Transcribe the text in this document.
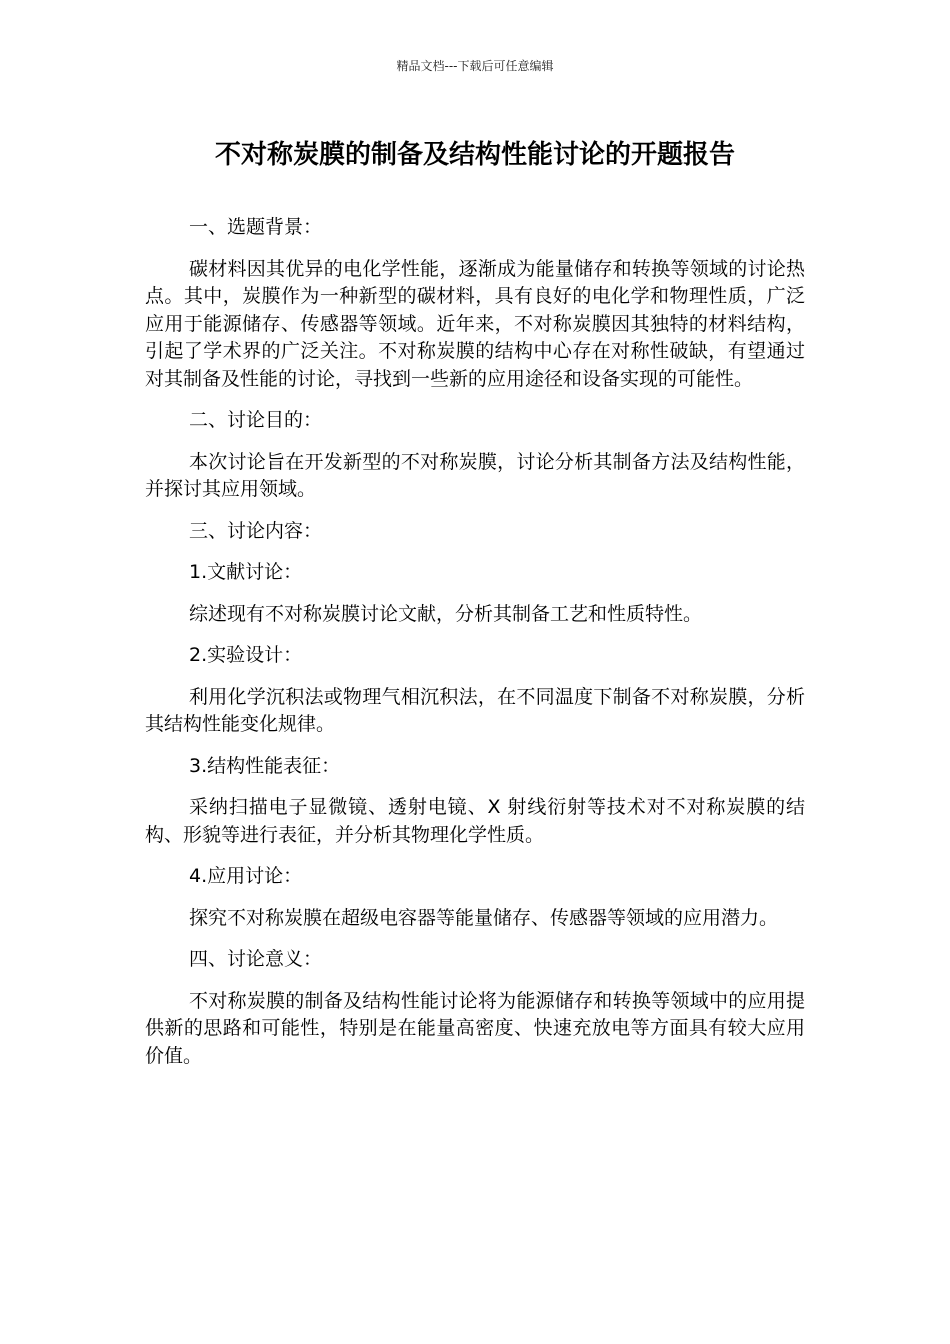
精品文档---下载后可任意编辑
不对称炭膜的制备及结构性能讨论的开题报告

一、选题背景：

碳材料因其优异的电化学性能，逐渐成为能量储存和转换等领域的讨论热点。其中，炭膜作为一种新型的碳材料，具有良好的电化学和物理性质，广泛应用于能源储存、传感器等领域。近年来，不对称炭膜因其独特的材料结构，引起了学术界的广泛关注。不对称炭膜的结构中心存在对称性破缺，有望通过对其制备及性能的讨论，寻找到一些新的应用途径和设备实现的可能性。

二、讨论目的：

本次讨论旨在开发新型的不对称炭膜，讨论分析其制备方法及结构性能，并探讨其应用领域。

三、讨论内容：

1.文献讨论：

综述现有不对称炭膜讨论文献，分析其制备工艺和性质特性。

2.实验设计：

利用化学沉积法或物理气相沉积法，在不同温度下制备不对称炭膜，分析其结构性能变化规律。

3.结构性能表征：

采纳扫描电子显微镜、透射电镜、X 射线衍射等技术对不对称炭膜的结构、形貌等进行表征，并分析其物理化学性质。

4.应用讨论：

探究不对称炭膜在超级电容器等能量储存、传感器等领域的应用潜力。

四、讨论意义：

不对称炭膜的制备及结构性能讨论将为能源储存和转换等领域中的应用提供新的思路和可能性，特别是在能量高密度、快速充放电等方面具有较大应用价值。
